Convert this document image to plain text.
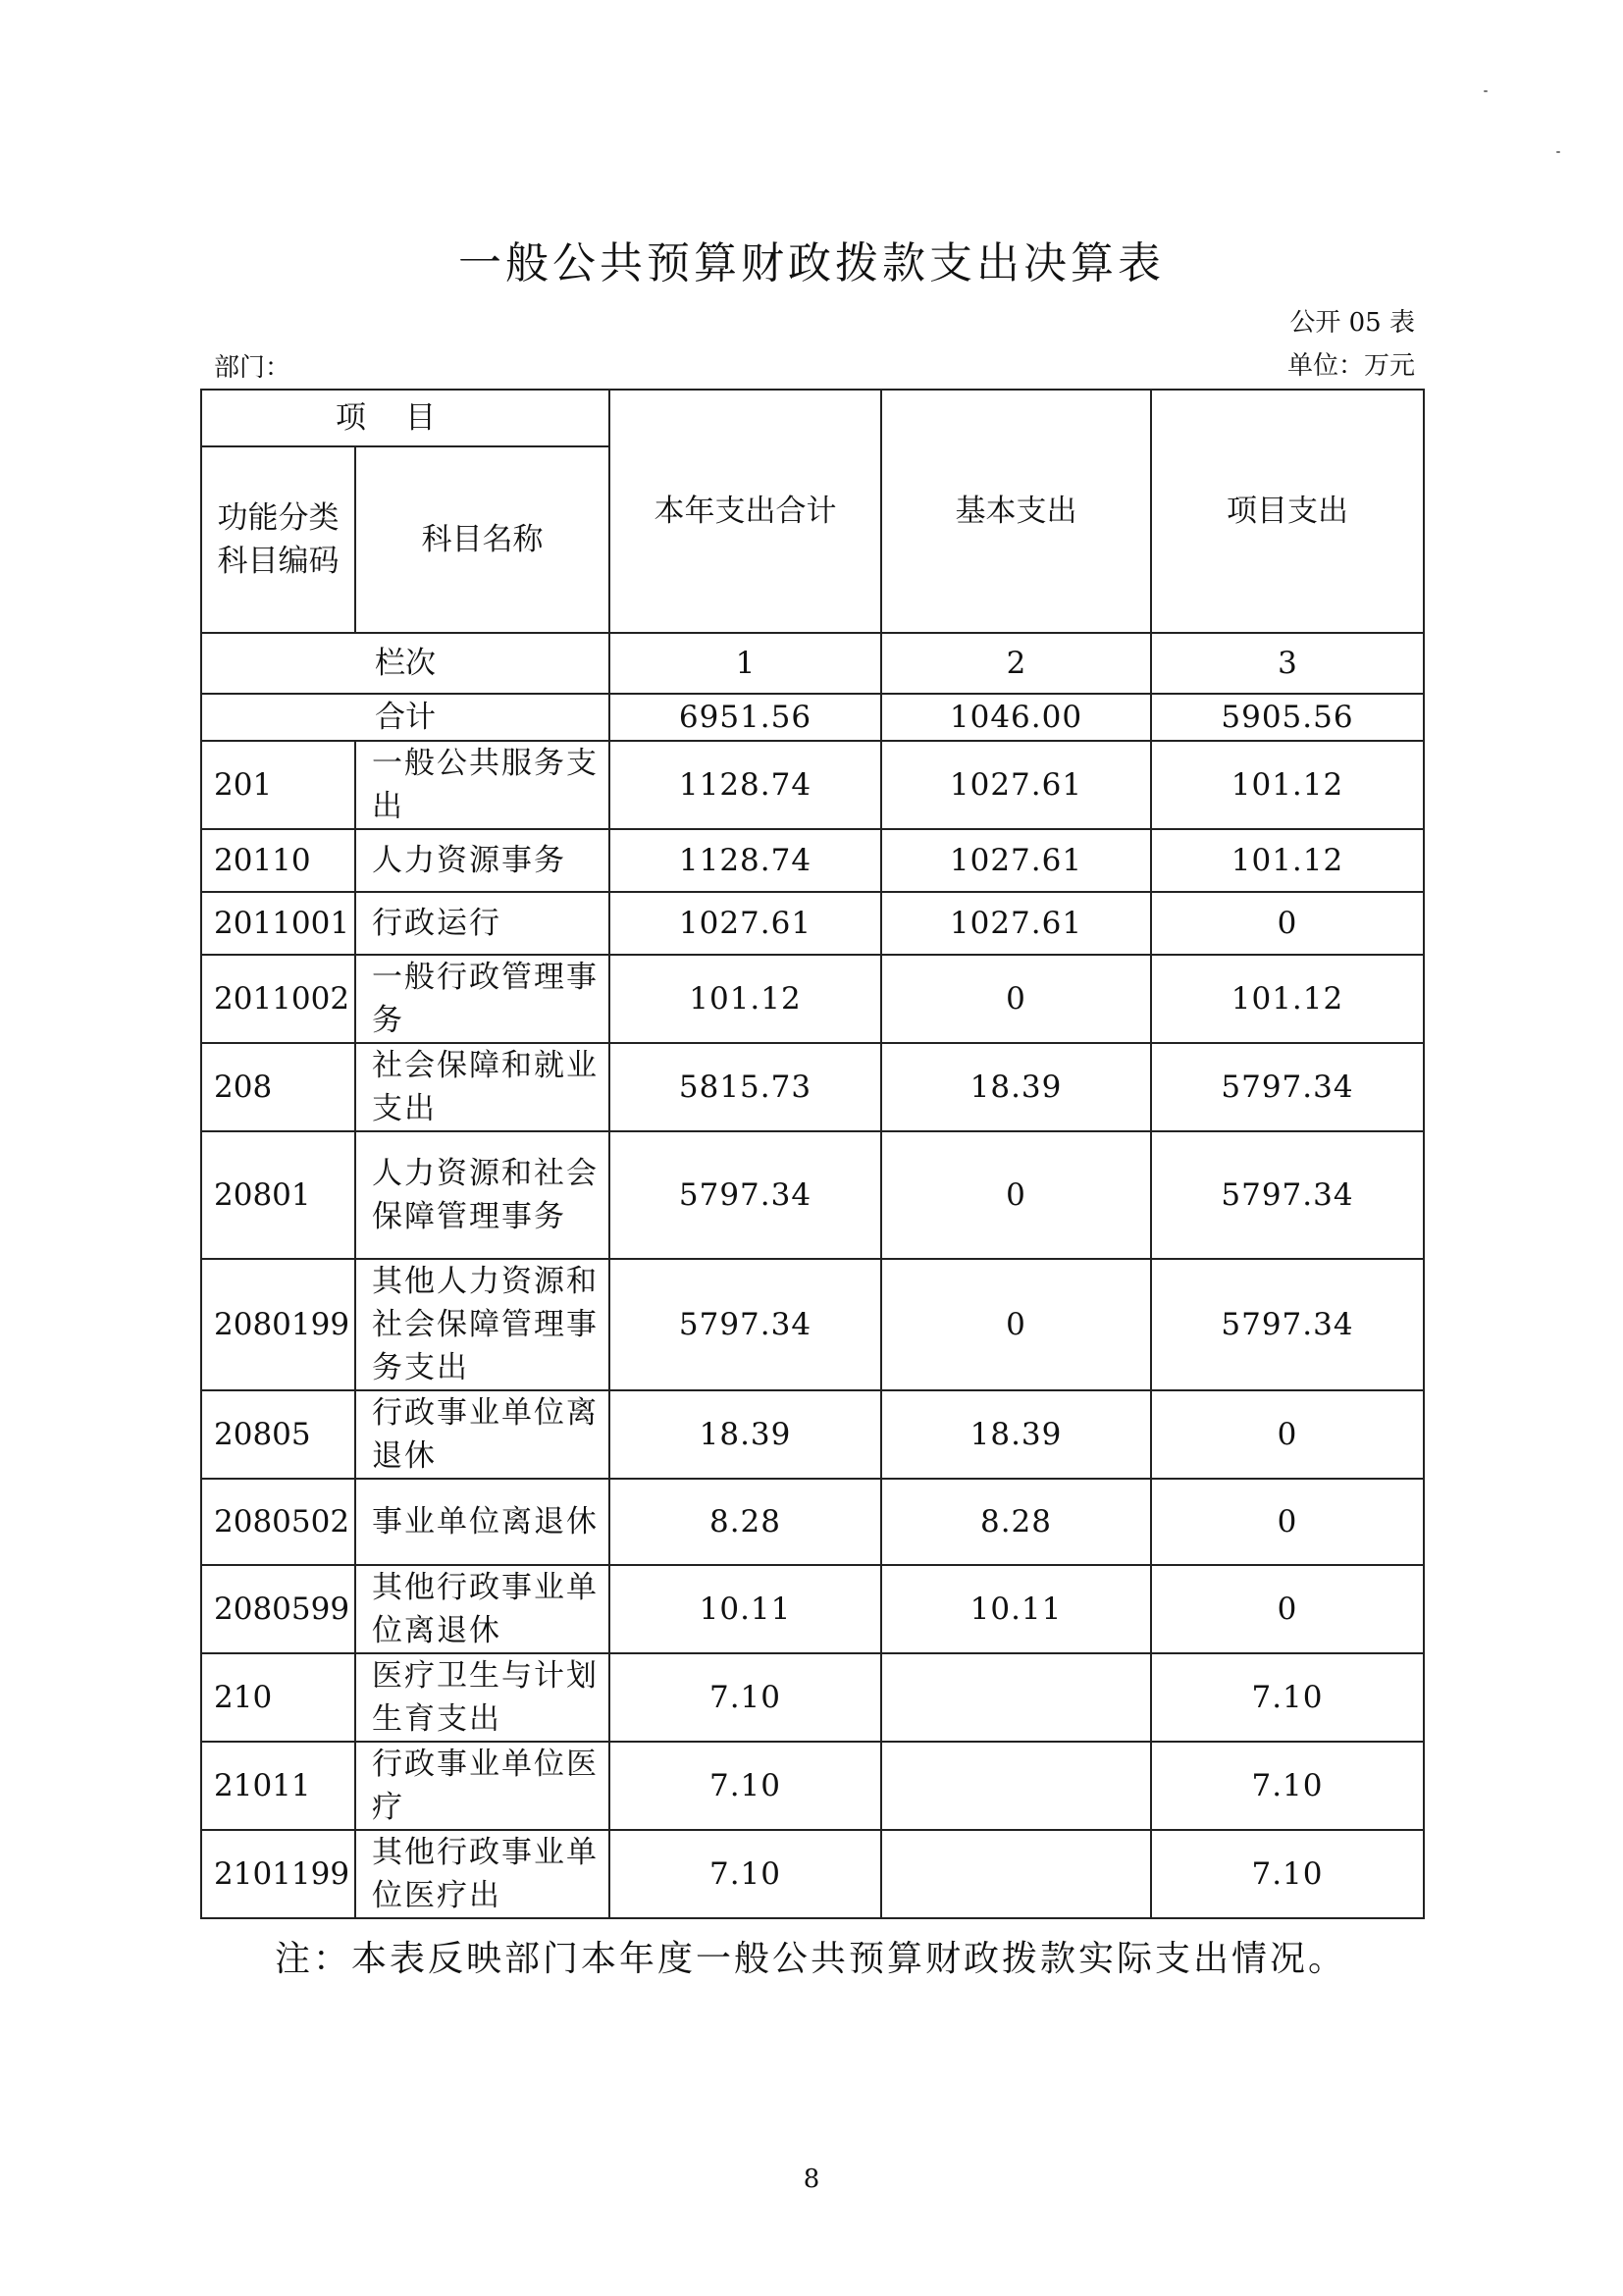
一般公共预算财政拨款支出决算表
公开 05 表
部门：	单位：万元
项目		本年支出合计	基本支出	项目支出
功能分类科目编码	科目名称			
栏次		1	2	3
合计		6951.56	1046.00	5905.56
201	一般公共服务支出	1128.74	1027.61	101.12
20110	人力资源事务	1128.74	1027.61	101.12
2011001	行政运行	1027.61	1027.61	0
2011002	一般行政管理事务	101.12	0	101.12
208	社会保障和就业支出	5815.73	18.39	5797.34
20801	人力资源和社会保障管理事务	5797.34	0	5797.34
2080199	其他人力资源和社会保障管理事务支出	5797.34	0	5797.34
20805	行政事业单位离退休	18.39	18.39	0
2080502	事业单位离退休	8.28	8.28	0
2080599	其他行政事业单位离退休	10.11	10.11	0
210	医疗卫生与计划生育支出	7.10		7.10
21011	行政事业单位医疗	7.10		7.10
2101199	其他行政事业单位医疗出	7.10		7.10
注：本表反映部门本年度一般公共预算财政拨款实际支出情况。
8
